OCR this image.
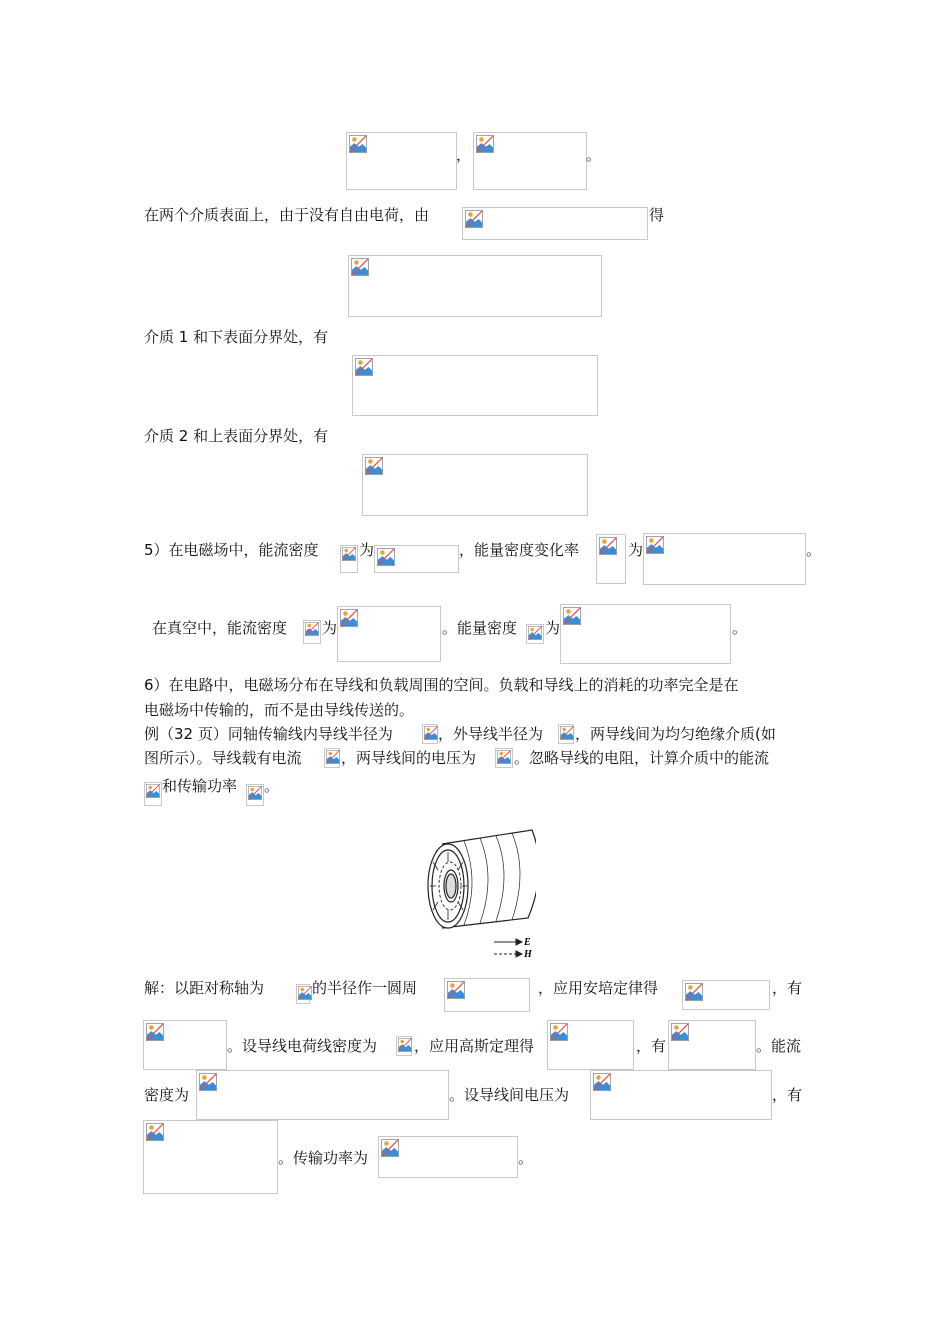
，	。
在两个介质表面上，由于没有自由电荷，由	得
介质 1 和下表面分界处，有
介质 2 和上表面分界处，有
5）在电磁场中，能流密度	为	，能量密度变化率	为	。
在真空中，能流密度 为	。能量密度 为	。
6）在电路中，电磁场分布在导线和负载周围的空间。负载和导线上的消耗的功率完全是在
电磁场中传输的，而不是由导线传送的。
例（32 页）同轴传输线内导线半径为	，外导线半径为 ，两导线间为均匀绝缘介质(如
图所示）。导线载有电流	，两导线间的电压为	。忽略导线的电阻，计算介质中的能流
和传输功率 。
E
H
解：以距对称轴为	的半径作一圆周	，应用安培定律得	，有
。设导线电荷线密度为 ，应用高斯定理得	，有	。能流
密度为	。设导线间电压为	，有
。传输功率为	。
